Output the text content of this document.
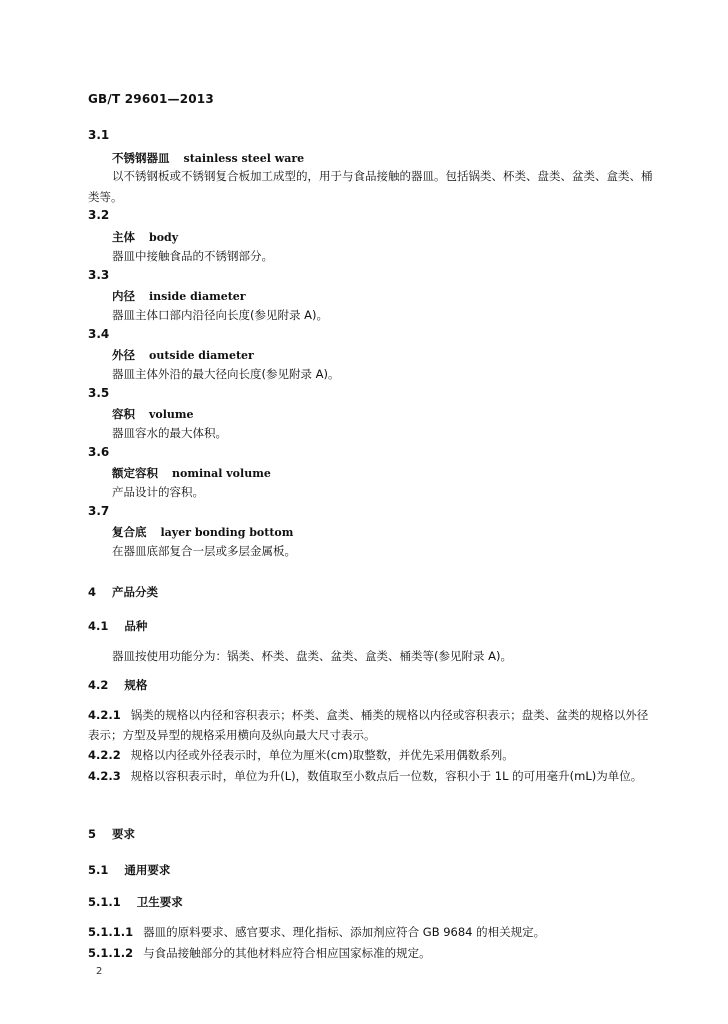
GB/T 29601—2013
3.1
不锈钢器皿 stainless steel ware
以不锈钢板或不锈钢复合板加工成型的，用于与食品接触的器皿。包括锅类、杯类、盘类、盆类、盒类、桶类等。
3.2
主体 body
器皿中接触食品的不锈钢部分。
3.3
内径 inside diameter
器皿主体口部内沿径向长度(参见附录 A)。
3.4
外径 outside diameter
器皿主体外沿的最大径向长度(参见附录 A)。
3.5
容积 volume
器皿容水的最大体积。
3.6
额定容积 nominal volume
产品设计的容积。
3.7
复合底 layer bonding bottom
在器皿底部复合一层或多层金属板。
4 产品分类
4.1 品种
器皿按使用功能分为：锅类、杯类、盘类、盆类、盒类、桶类等(参见附录 A)。
4.2 规格
4.2.1 锅类的规格以内径和容积表示；杯类、盒类、桶类的规格以内径或容积表示；盘类、盆类的规格以外径表示；方型及异型的规格采用横向及纵向最大尺寸表示。
4.2.2 规格以内径或外径表示时，单位为厘米(cm)取整数，并优先采用偶数系列。
4.2.3 规格以容积表示时，单位为升(L)，数值取至小数点后一位数，容积小于 1L 的可用毫升(mL)为单位。
5 要求
5.1 通用要求
5.1.1 卫生要求
5.1.1.1 器皿的原料要求、感官要求、理化指标、添加剂应符合 GB 9684 的相关规定。
5.1.1.2 与食品接触部分的其他材料应符合相应国家标准的规定。
2
